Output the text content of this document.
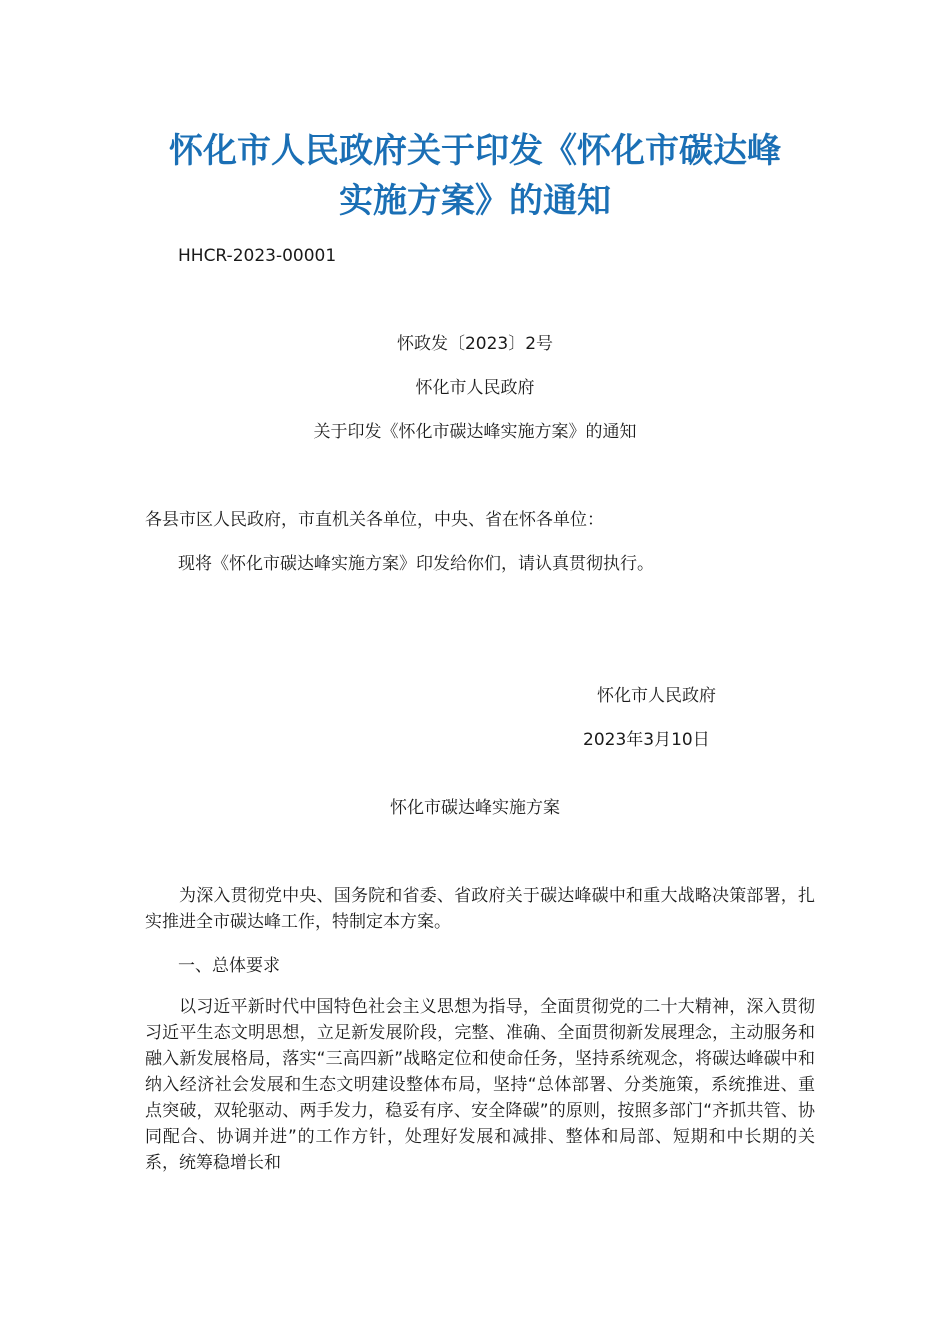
怀化市人民政府关于印发《怀化市碳达峰
实施方案》的通知

HHCR-2023-00001

怀政发〔2023〕2号

怀化市人民政府

关于印发《怀化市碳达峰实施方案》的通知

各县市区人民政府，市直机关各单位，中央、省在怀各单位：

现将《怀化市碳达峰实施方案》印发给你们，请认真贯彻执行。

怀化市人民政府

2023年3月10日

怀化市碳达峰实施方案

为深入贯彻党中央、国务院和省委、省政府关于碳达峰碳中和重大战略决策部署，扎实推进全市碳达峰工作，特制定本方案。

一、总体要求

以习近平新时代中国特色社会主义思想为指导，全面贯彻党的二十大精神，深入贯彻习近平生态文明思想，立足新发展阶段，完整、准确、全面贯彻新发展理念，主动服务和融入新发展格局，落实“三高四新”战略定位和使命任务，坚持系统观念，将碳达峰碳中和纳入经济社会发展和生态文明建设整体布局，坚持“总体部署、分类施策，系统推进、重点突破，双轮驱动、两手发力，稳妥有序、安全降碳”的原则，按照多部门“齐抓共管、协同配合、协调并进”的工作方针，处理好发展和减排、整体和局部、短期和中长期的关系，统筹稳增长和
